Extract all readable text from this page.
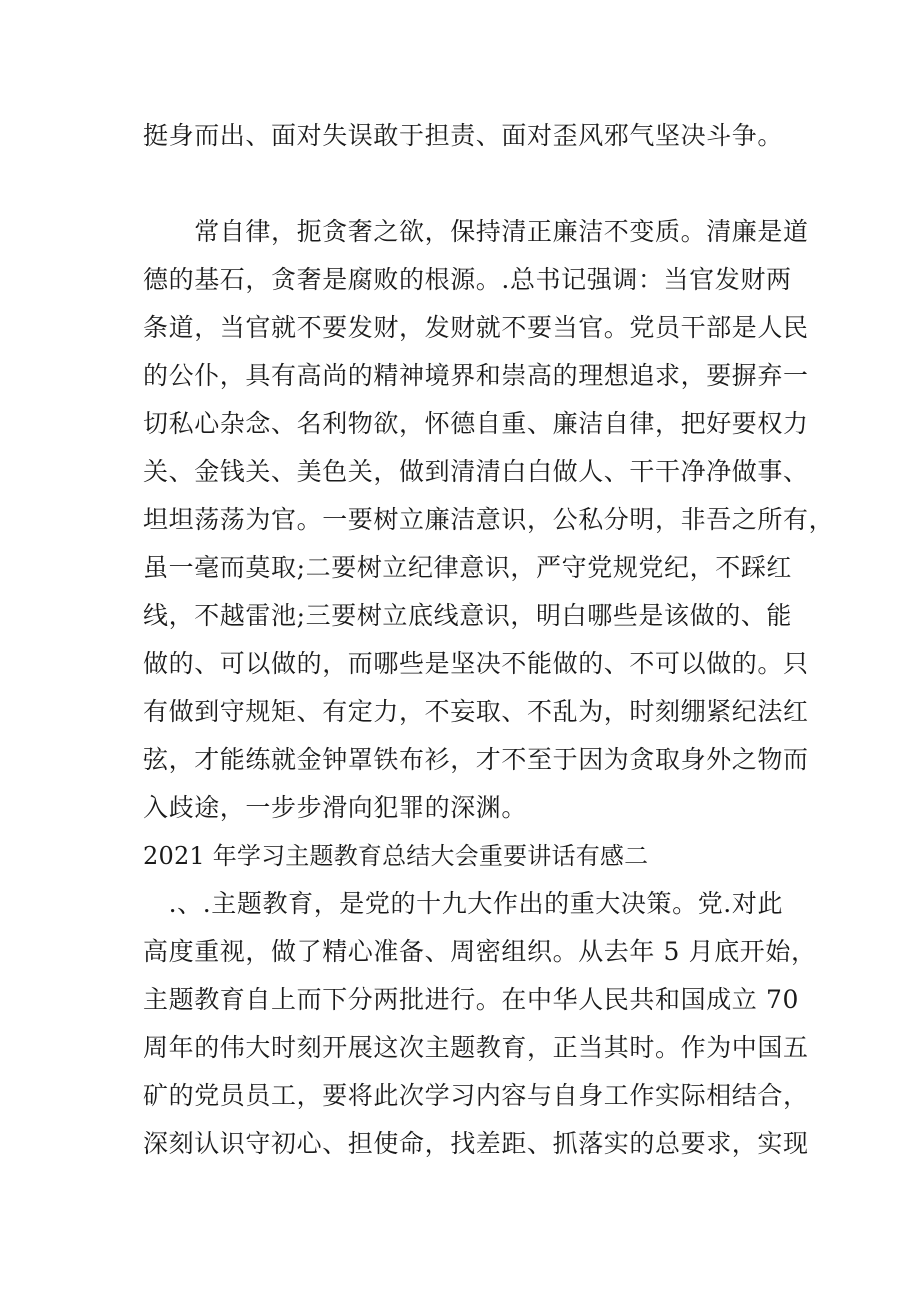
挺身而出、面对失误敢于担责、面对歪风邪气坚决斗争。
　　常自律，扼贪奢之欲，保持清正廉洁不变质。清廉是道
德的基石，贪奢是腐败的根源。.总书记强调：当官发财两
条道，当官就不要发财，发财就不要当官。党员干部是人民
的公仆，具有高尚的精神境界和崇高的理想追求，要摒弃一
切私心杂念、名利物欲，怀德自重、廉洁自律，把好要权力
关、金钱关、美色关，做到清清白白做人、干干净净做事、
坦坦荡荡为官。一要树立廉洁意识，公私分明，非吾之所有，
虽一毫而莫取;二要树立纪律意识，严守党规党纪，不踩红
线，不越雷池;三要树立底线意识，明白哪些是该做的、能
做的、可以做的，而哪些是坚决不能做的、不可以做的。只
有做到守规矩、有定力，不妄取、不乱为，时刻绷紧纪法红
弦，才能练就金钟罩铁布衫，才不至于因为贪取身外之物而
入歧途，一步步滑向犯罪的深渊。
2021 年学习主题教育总结大会重要讲话有感二
　.、.主题教育，是党的十九大作出的重大决策。党.对此
高度重视，做了精心准备、周密组织。从去年 5 月底开始，
主题教育自上而下分两批进行。在中华人民共和国成立 70
周年的伟大时刻开展这次主题教育，正当其时。作为中国五
矿的党员员工，要将此次学习内容与自身工作实际相结合，
深刻认识守初心、担使命，找差距、抓落实的总要求，实现
